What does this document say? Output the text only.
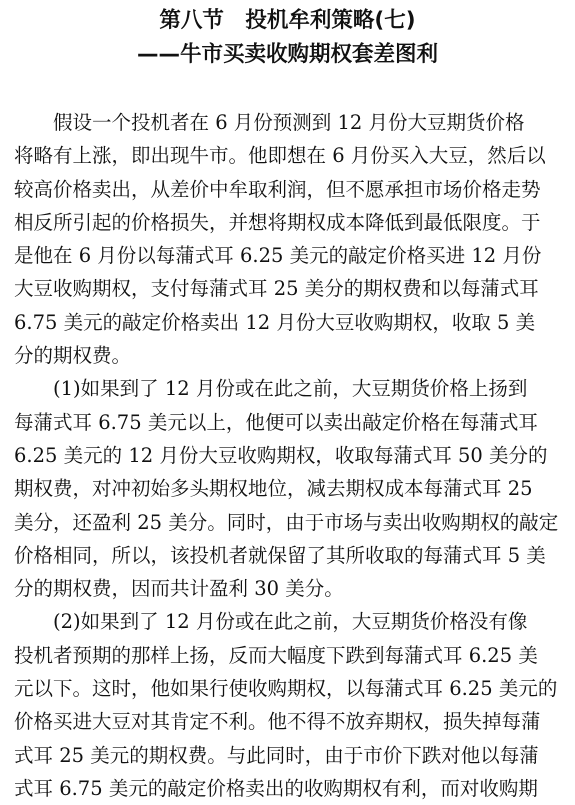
第八节　投机牟利策略(七)
——牛市买卖收购期权套差图利
　　假设一个投机者在 6 月份预测到 12 月份大豆期货价格
将略有上涨，即出现牛市。他即想在 6 月份买入大豆，然后以
较高价格卖出，从差价中牟取利润，但不愿承担市场价格走势
相反所引起的价格损失，并想将期权成本降低到最低限度。于
是他在 6 月份以每蒲式耳 6.25 美元的敲定价格买进 12 月份
大豆收购期权，支付每蒲式耳 25 美分的期权费和以每蒲式耳
6.75 美元的敲定价格卖出 12 月份大豆收购期权，收取 5 美
分的期权费。
　　(1)如果到了 12 月份或在此之前，大豆期货价格上扬到
每蒲式耳 6.75 美元以上，他便可以卖出敲定价格在每蒲式耳
6.25 美元的 12 月份大豆收购期权，收取每蒲式耳 50 美分的
期权费，对冲初始多头期权地位，减去期权成本每蒲式耳 25
美分，还盈利 25 美分。同时，由于市场与卖出收购期权的敲定
价格相同，所以，该投机者就保留了其所收取的每蒲式耳 5 美
分的期权费，因而共计盈利 30 美分。
　　(2)如果到了 12 月份或在此之前，大豆期货价格没有像
投机者预期的那样上扬，反而大幅度下跌到每蒲式耳 6.25 美
元以下。这时，他如果行使收购期权，以每蒲式耳 6.25 美元的
价格买进大豆对其肯定不利。他不得不放弃期权，损失掉每蒲
式耳 25 美元的期权费。与此同时，由于市价下跌对他以每蒲
式耳 6.75 美元的敲定价格卖出的收购期权有利，而对收购期
